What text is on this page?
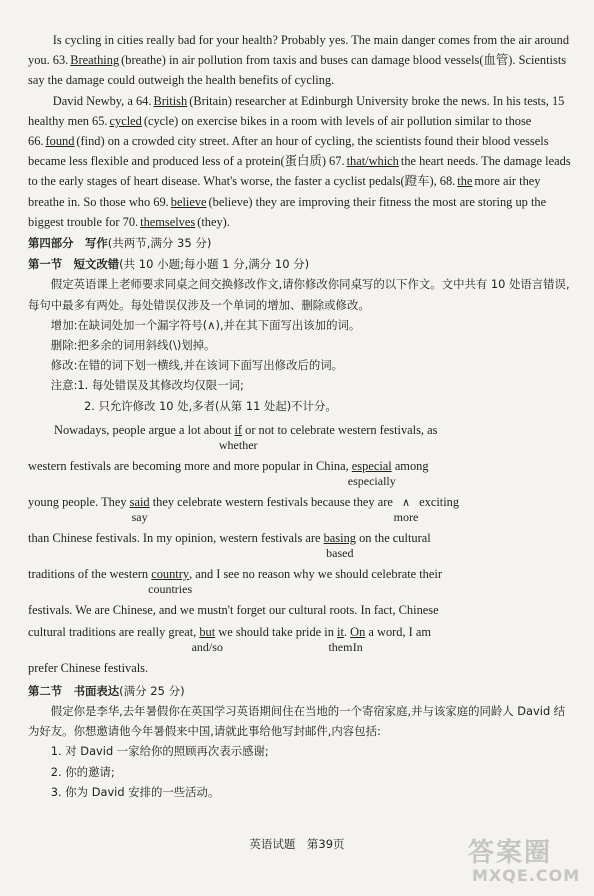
Is cycling in cities really bad for your health? Probably yes. The main danger comes from the air around you. 63. Breathing (breathe) in air pollution from taxis and buses can damage blood vessels(血管). Scientists say the damage could outweigh the health benefits of cycling.

David Newby, a 64. British (Britain) researcher at Edinburgh University broke the news. In his tests, 15 healthy men 65. cycled (cycle) on exercise bikes in a room with levels of air pollution similar to those 66. found (find) on a crowded city street. After an hour of cycling, the scientists found their blood vessels became less flexible and produced less of a protein(蛋白质) 67. that/which the heart needs. The damage leads to the early stages of heart disease. What's worse, the faster a cyclist pedals(蹬车), 68. the more air they breathe in. So those who 69. believe (believe) they are improving their fitness the most are storing up the biggest trouble for 70. themselves (they).

第四部分　写作(共两节,满分 35 分)

第一节　短文改错(共 10 小题;每小题 1 分,满分 10 分)

假定英语课上老师要求同桌之间交换修改作文,请你修改你同桌写的以下作文。文中共有 10 处语言错误,每句中最多有两处。每处错误仅涉及一个单词的增加、删除或修改。

增加:在缺词处加一个漏字符号(∧),并在其下面写出该加的词。

删除:把多余的词用斜线(\)划掉。

修改:在错的词下划一横线,并在该词下面写出修改后的词。

注意:1. 每处错误及其修改均仅限一词;

2. 只允许修改 10 处,多者(从第 11 处起)不计分。

Nowadays, people argue a lot about if
whether
or not to celebrate western festivals, as
western festivals are becoming more and more popular in China, especial
especially
among
young people. They said
say
they celebrate western festivals because they are ∧
more
exciting
than Chinese festivals. In my opinion, western festivals are basing
based
on the cultural
traditions of the western country
countries
, and I see no reason why we should celebrate their
festivals. We are Chinese, and we mustn't forget our cultural roots. In fact, Chinese
cultural traditions are really great, but
and/so
we should take pride in it
them
. $\frac{On}{In}$ a word, I am
prefer Chinese festivals.

第二节　书面表达(满分 25 分)

假定你是李华,去年暑假你在英国学习英语期间住在当地的一个寄宿家庭,并与该家庭的同龄人 David 结为好友。你想邀请他今年暑假来中国,请就此事给他写封邮件,内容包括:

1. 对 David 一家给你的照顾再次表示感谢;

2. 你的邀请;

3. 你为 David 安排的一些活动。

英语试题　第39页	答案圈
MXQE.COM
